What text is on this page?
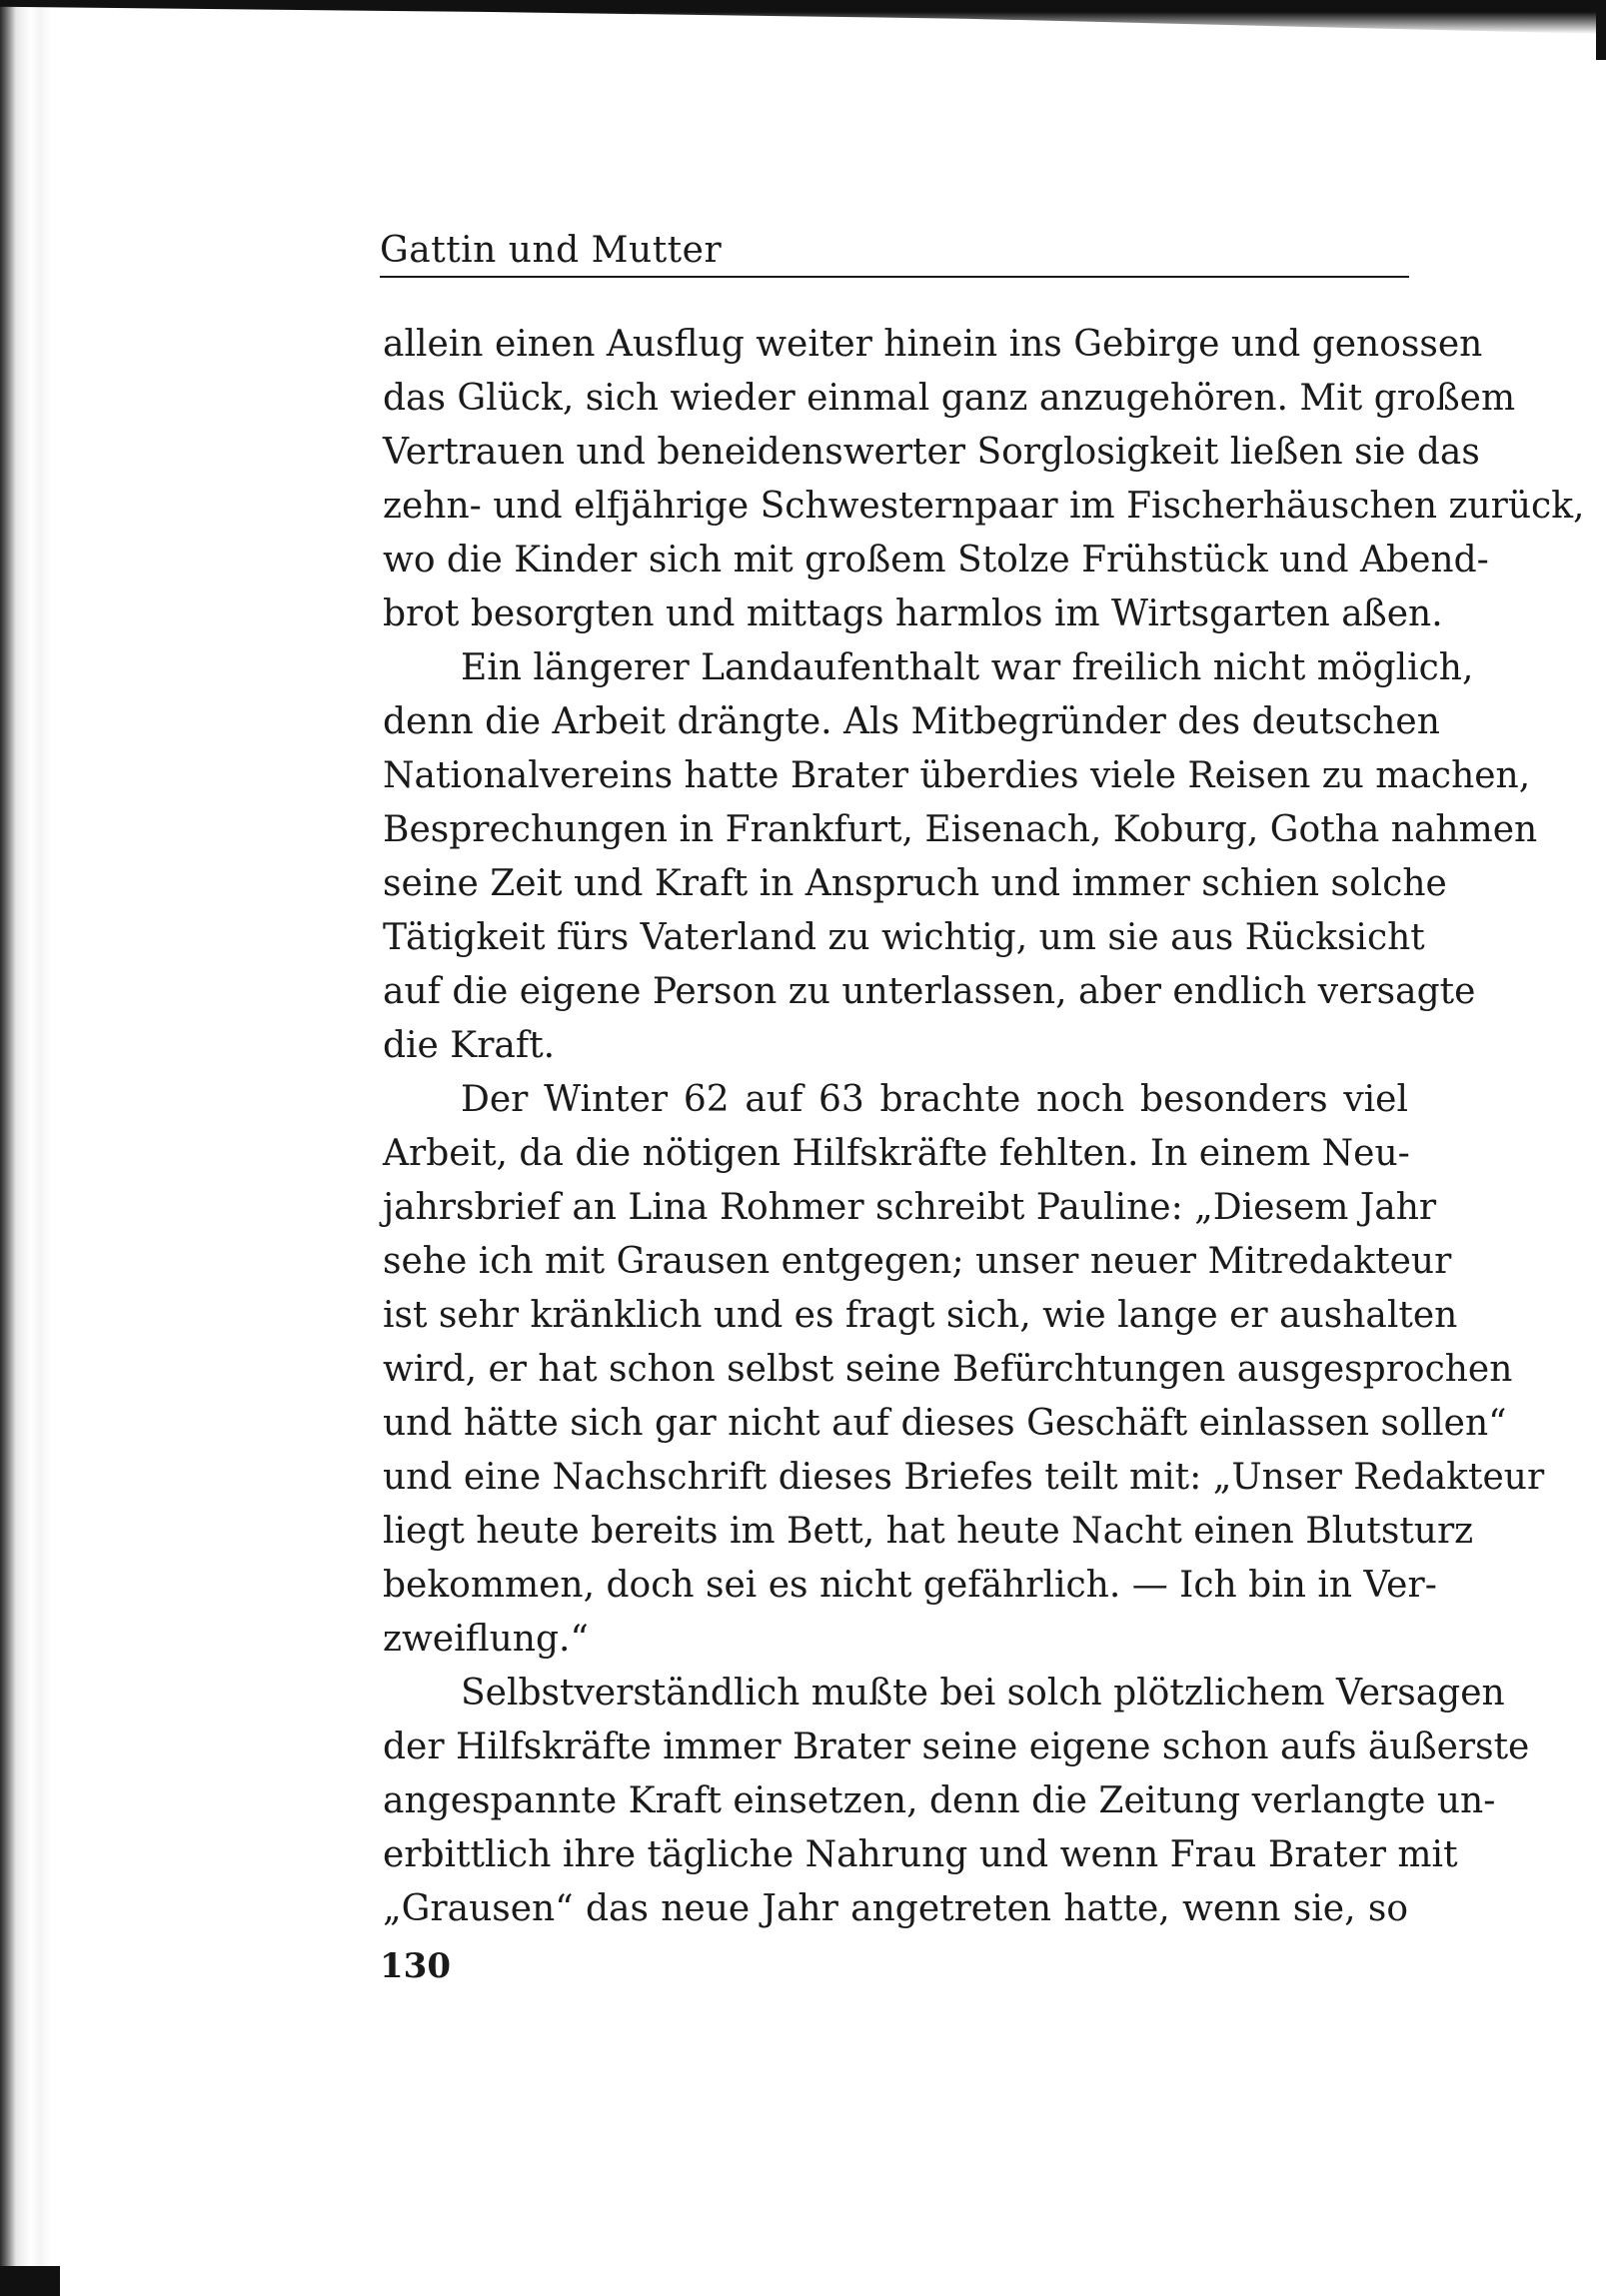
Gattin und Mutter
allein einen Ausflug weiter hinein ins Gebirge und genossen
das Glück, sich wieder einmal ganz anzugehören. Mit großem
Vertrauen und beneidenswerter Sorglosigkeit ließen sie das
zehn- und elfjährige Schwesternpaar im Fischerhäuschen zurück,
wo die Kinder sich mit großem Stolze Frühstück und Abend-
brot besorgten und mittags harmlos im Wirtsgarten aßen.
Ein längerer Landaufenthalt war freilich nicht möglich,
denn die Arbeit drängte. Als Mitbegründer des deutschen
Nationalvereins hatte Brater überdies viele Reisen zu machen,
Besprechungen in Frankfurt, Eisenach, Koburg, Gotha nahmen
seine Zeit und Kraft in Anspruch und immer schien solche
Tätigkeit fürs Vaterland zu wichtig, um sie aus Rücksicht
auf die eigene Person zu unterlassen, aber endlich versagte
die Kraft.
Der Winter 62 auf 63 brachte noch besonders viel
Arbeit, da die nötigen Hilfskräfte fehlten. In einem Neu-
jahrsbrief an Lina Rohmer schreibt Pauline: „Diesem Jahr
sehe ich mit Grausen entgegen; unser neuer Mitredakteur
ist sehr kränklich und es fragt sich, wie lange er aushalten
wird, er hat schon selbst seine Befürchtungen ausgesprochen
und hätte sich gar nicht auf dieses Geschäft einlassen sollen“
und eine Nachschrift dieses Briefes teilt mit: „Unser Redakteur
liegt heute bereits im Bett, hat heute Nacht einen Blutsturz
bekommen, doch sei es nicht gefährlich. — Ich bin in Ver-
zweiflung.“
Selbstverständlich mußte bei solch plötzlichem Versagen
der Hilfskräfte immer Brater seine eigene schon aufs äußerste
angespannte Kraft einsetzen, denn die Zeitung verlangte un-
erbittlich ihre tägliche Nahrung und wenn Frau Brater mit
„Grausen“ das neue Jahr angetreten hatte, wenn sie, so
130
